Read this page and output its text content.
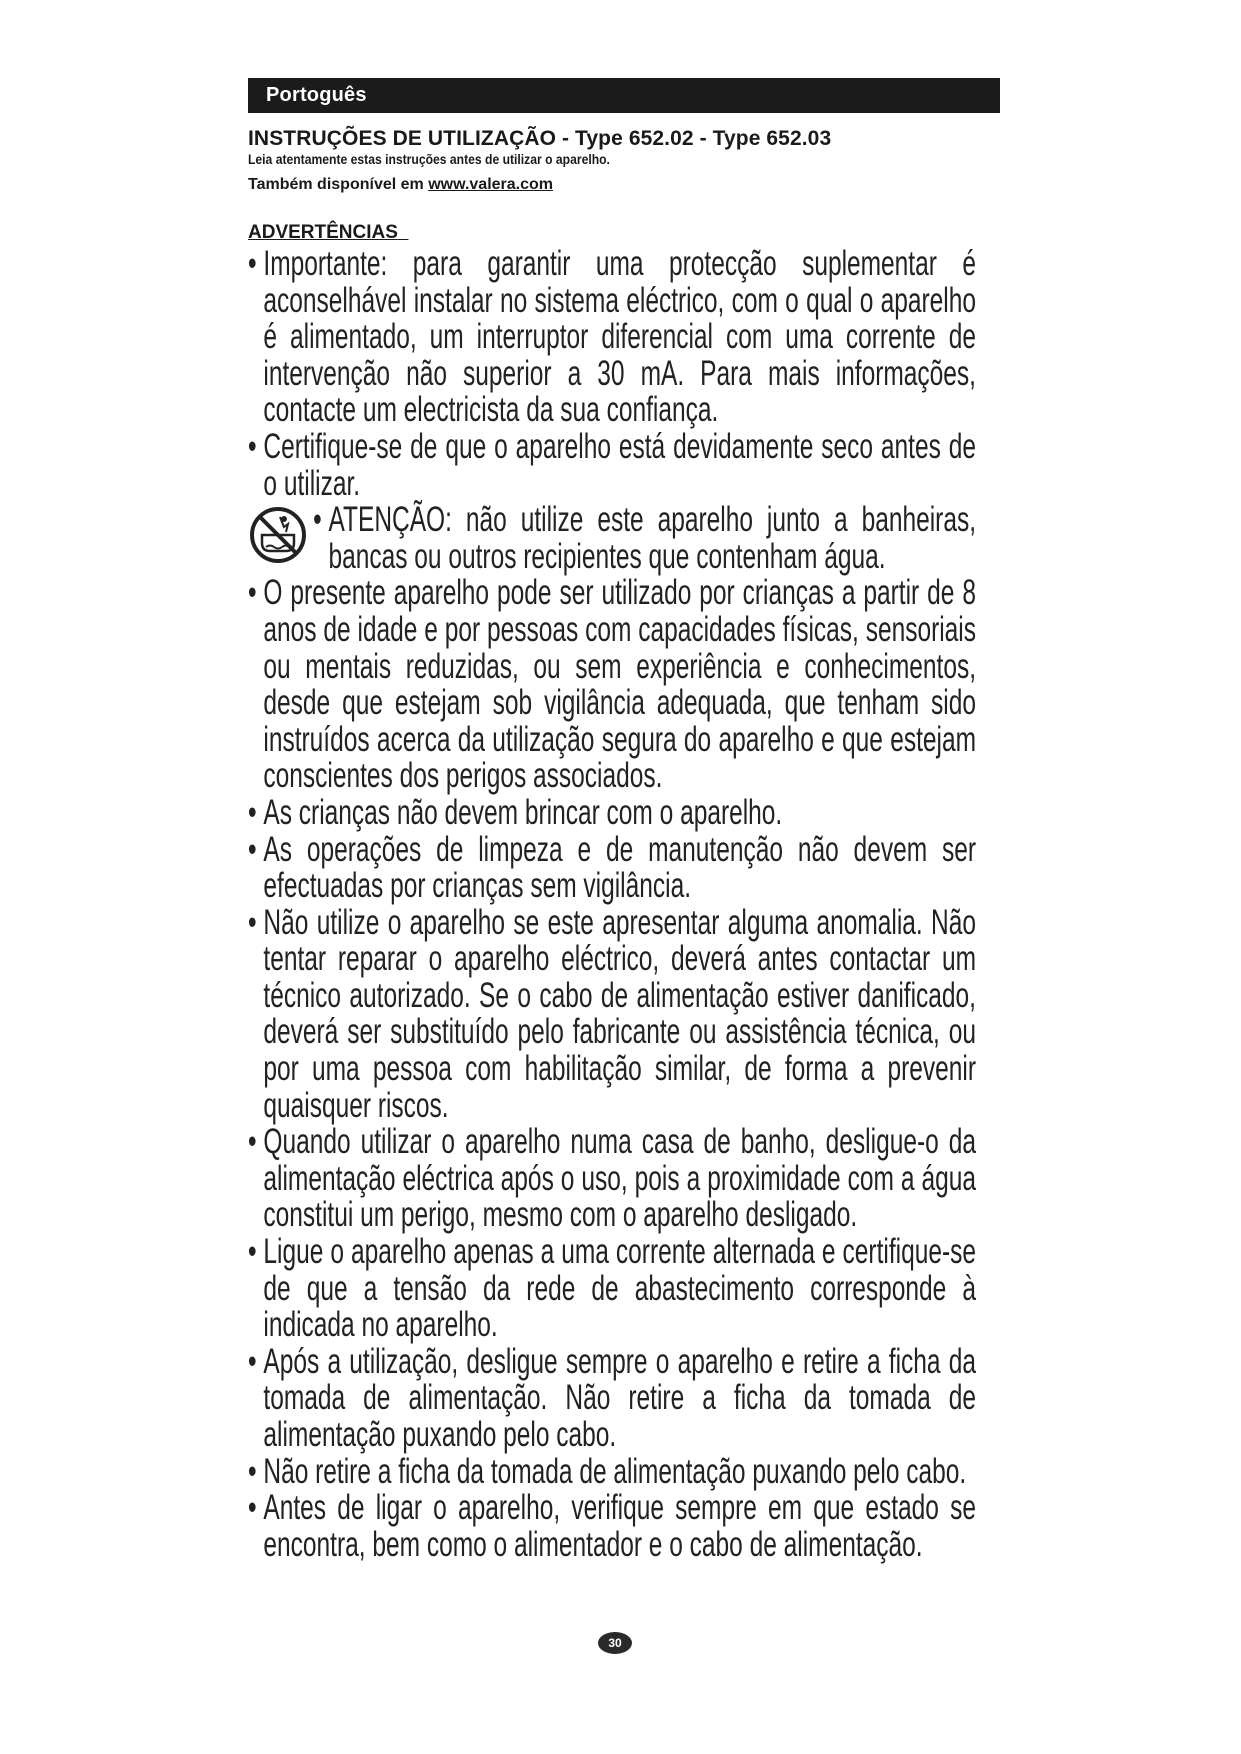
Portoguês
INSTRUÇÕES DE UTILIZAÇÃO - Type 652.02 - Type 652.03
Leia atentamente estas instruções antes de utilizar o aparelho.
Também disponível em www.valera.com
ADVERTÊNCIAS
• Importante: para garantir uma protecção suplementar é aconselhável instalar no sistema eléctrico, com o qual o aparelho é alimentado, um interruptor diferencial com uma corrente de intervenção não superior a 30 mA. Para mais informações, contacte um electricista da sua confiança.
• Certifique-se de que o aparelho está devidamente seco antes de o utilizar.
• ATENÇÃO: não utilize este aparelho junto a banheiras, bancas ou outros recipientes que contenham água.
• O presente aparelho pode ser utilizado por crianças a partir de 8 anos de idade e por pessoas com capacidades físicas, sensoriais ou mentais reduzidas, ou sem experiência e conhecimentos, desde que estejam sob vigilância adequada, que tenham sido instruídos acerca da utilização segura do aparelho e que estejam conscientes dos perigos associados.
• As crianças não devem brincar com o aparelho.
• As operações de limpeza e de manutenção não devem ser efectuadas por crianças sem vigilância.
• Não utilize o aparelho se este apresentar alguma anomalia. Não tentar reparar o aparelho eléctrico, deverá antes contactar um técnico autorizado. Se o cabo de alimentação estiver danificado, deverá ser substituído pelo fabricante ou assistência técnica, ou por uma pessoa com habilitação similar, de forma a prevenir quaisquer riscos.
• Quando utilizar o aparelho numa casa de banho, desligue-o da alimentação eléctrica após o uso, pois a proximidade com a água constitui um perigo, mesmo com o aparelho desligado.
• Ligue o aparelho apenas a uma corrente alternada e certifique-se de que a tensão da rede de abastecimento corresponde à indicada no aparelho.
• Após a utilização, desligue sempre o aparelho e retire a ficha da tomada de alimentação. Não retire a ficha da tomada de alimentação puxando pelo cabo.
• Não retire a ficha da tomada de alimentação puxando pelo cabo.
• Antes de ligar o aparelho, verifique sempre em que estado se encontra, bem como o alimentador e o cabo de alimentação.
30
